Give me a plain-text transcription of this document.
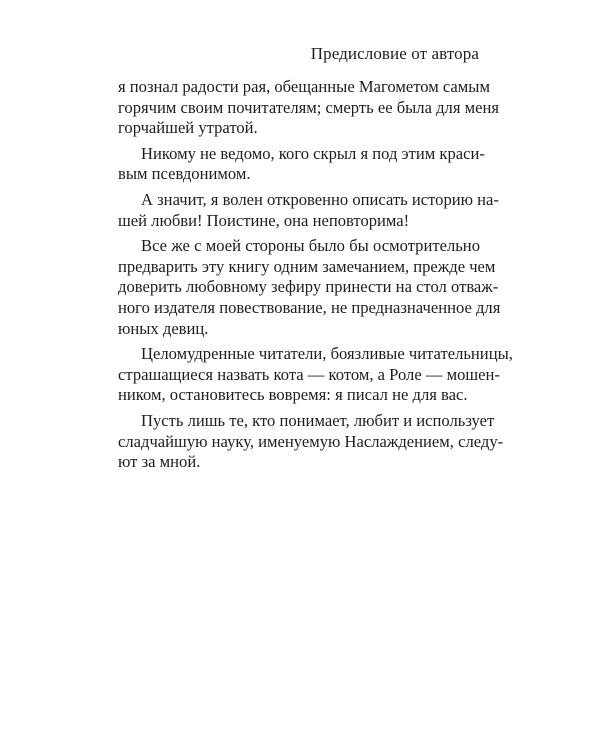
Предисловие от автора

я познал радости рая, обещанные Магометом самым
горячим своим почитателям; смерть ее была для меня
горчайшей утратой.

Никому не ведомо, кого скрыл я под этим краси-
вым псевдонимом.

А значит, я волен откровенно описать историю на-
шей любви! Поистине, она неповторима!

Все же с моей стороны было бы осмотрительно
предварить эту книгу одним замечанием, прежде чем
доверить любовному зефиру принести на стол отваж-
ного издателя повествование, не предназначенное для
юных девиц.

Целомудренные читатели, боязливые читательницы,
страшащиеся назвать кота — котом, а Роле — мошен-
ником, остановитесь вовремя: я писал не для вас.

Пусть лишь те, кто понимает, любит и использует
сладчайшую науку, именуемую Наслаждением, следу-
ют за мной.
